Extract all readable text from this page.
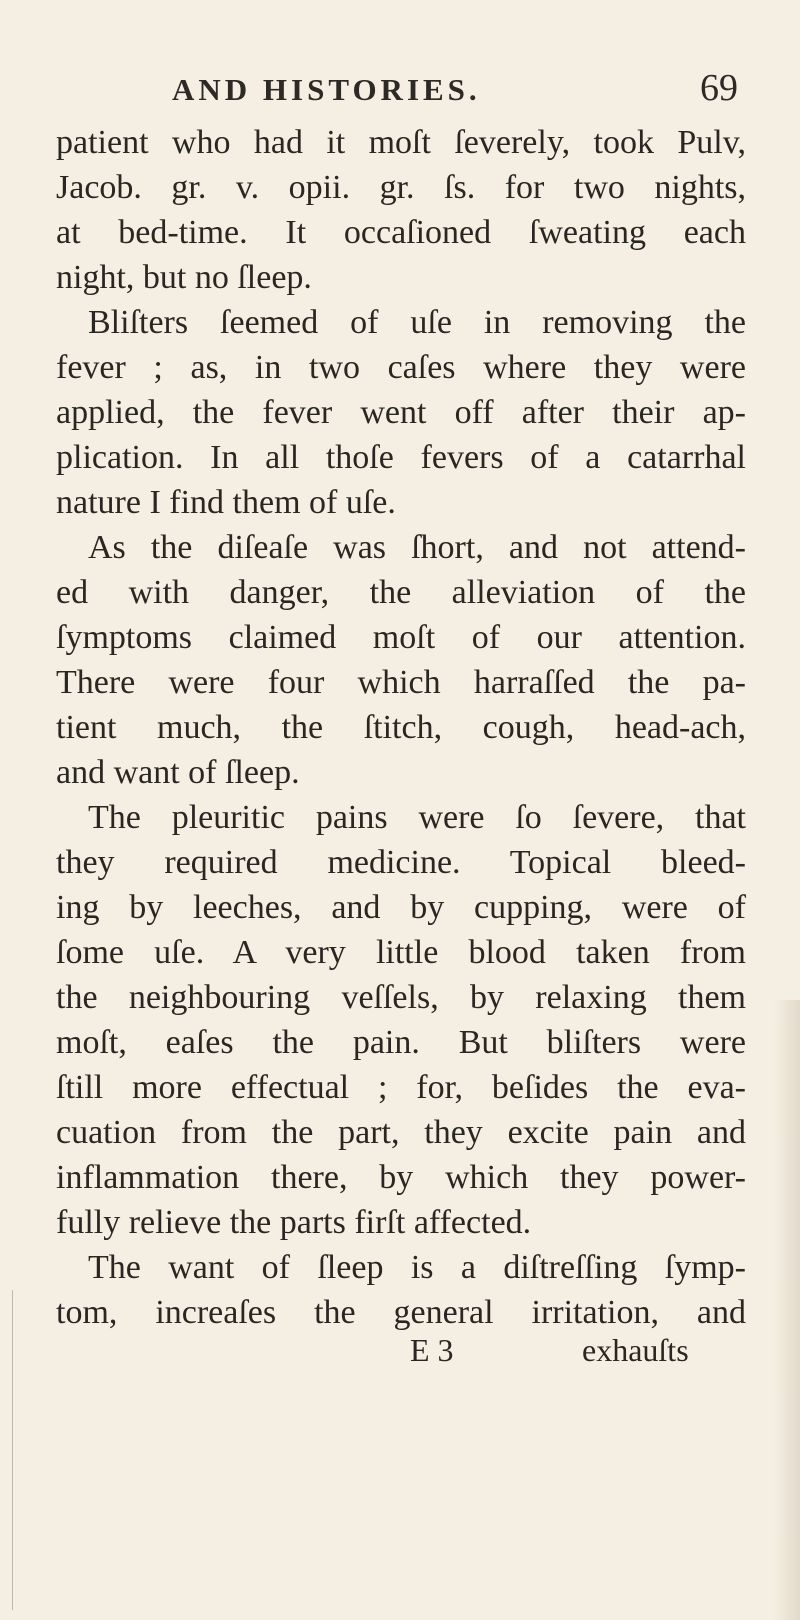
AND HISTORIES.	69
patient who had it moſt ſeverely, took Pulv,
Jacob. gr. v. opii. gr. ſs. for two nights,
at bed-time. It occaſioned ſweating each
night, but no ſleep.
Bliſters ſeemed of uſe in removing the
fever ; as, in two caſes where they were
applied, the fever went off after their ap-
plication. In all thoſe fevers of a catarrhal
nature I find them of uſe.
As the diſeaſe was ſhort, and not attend-
ed with danger, the alleviation of the
ſymptoms claimed moſt of our attention.
There were four which harraſſed the pa-
tient much, the ſtitch, cough, head-ach,
and want of ſleep.
The pleuritic pains were ſo ſevere, that
they required medicine. Topical bleed-
ing by leeches, and by cupping, were of
ſome uſe. A very little blood taken from
the neighbouring veſſels, by relaxing them
moſt, eaſes the pain. But bliſters were
ſtill more effectual ; for, beſides the eva-
cuation from the part, they excite pain and
inflammation there, by which they power-
fully relieve the parts firſt affected.
The want of ſleep is a diſtreſſing ſymp-
tom, increaſes the general irritation, and
E 3	exhauſts
